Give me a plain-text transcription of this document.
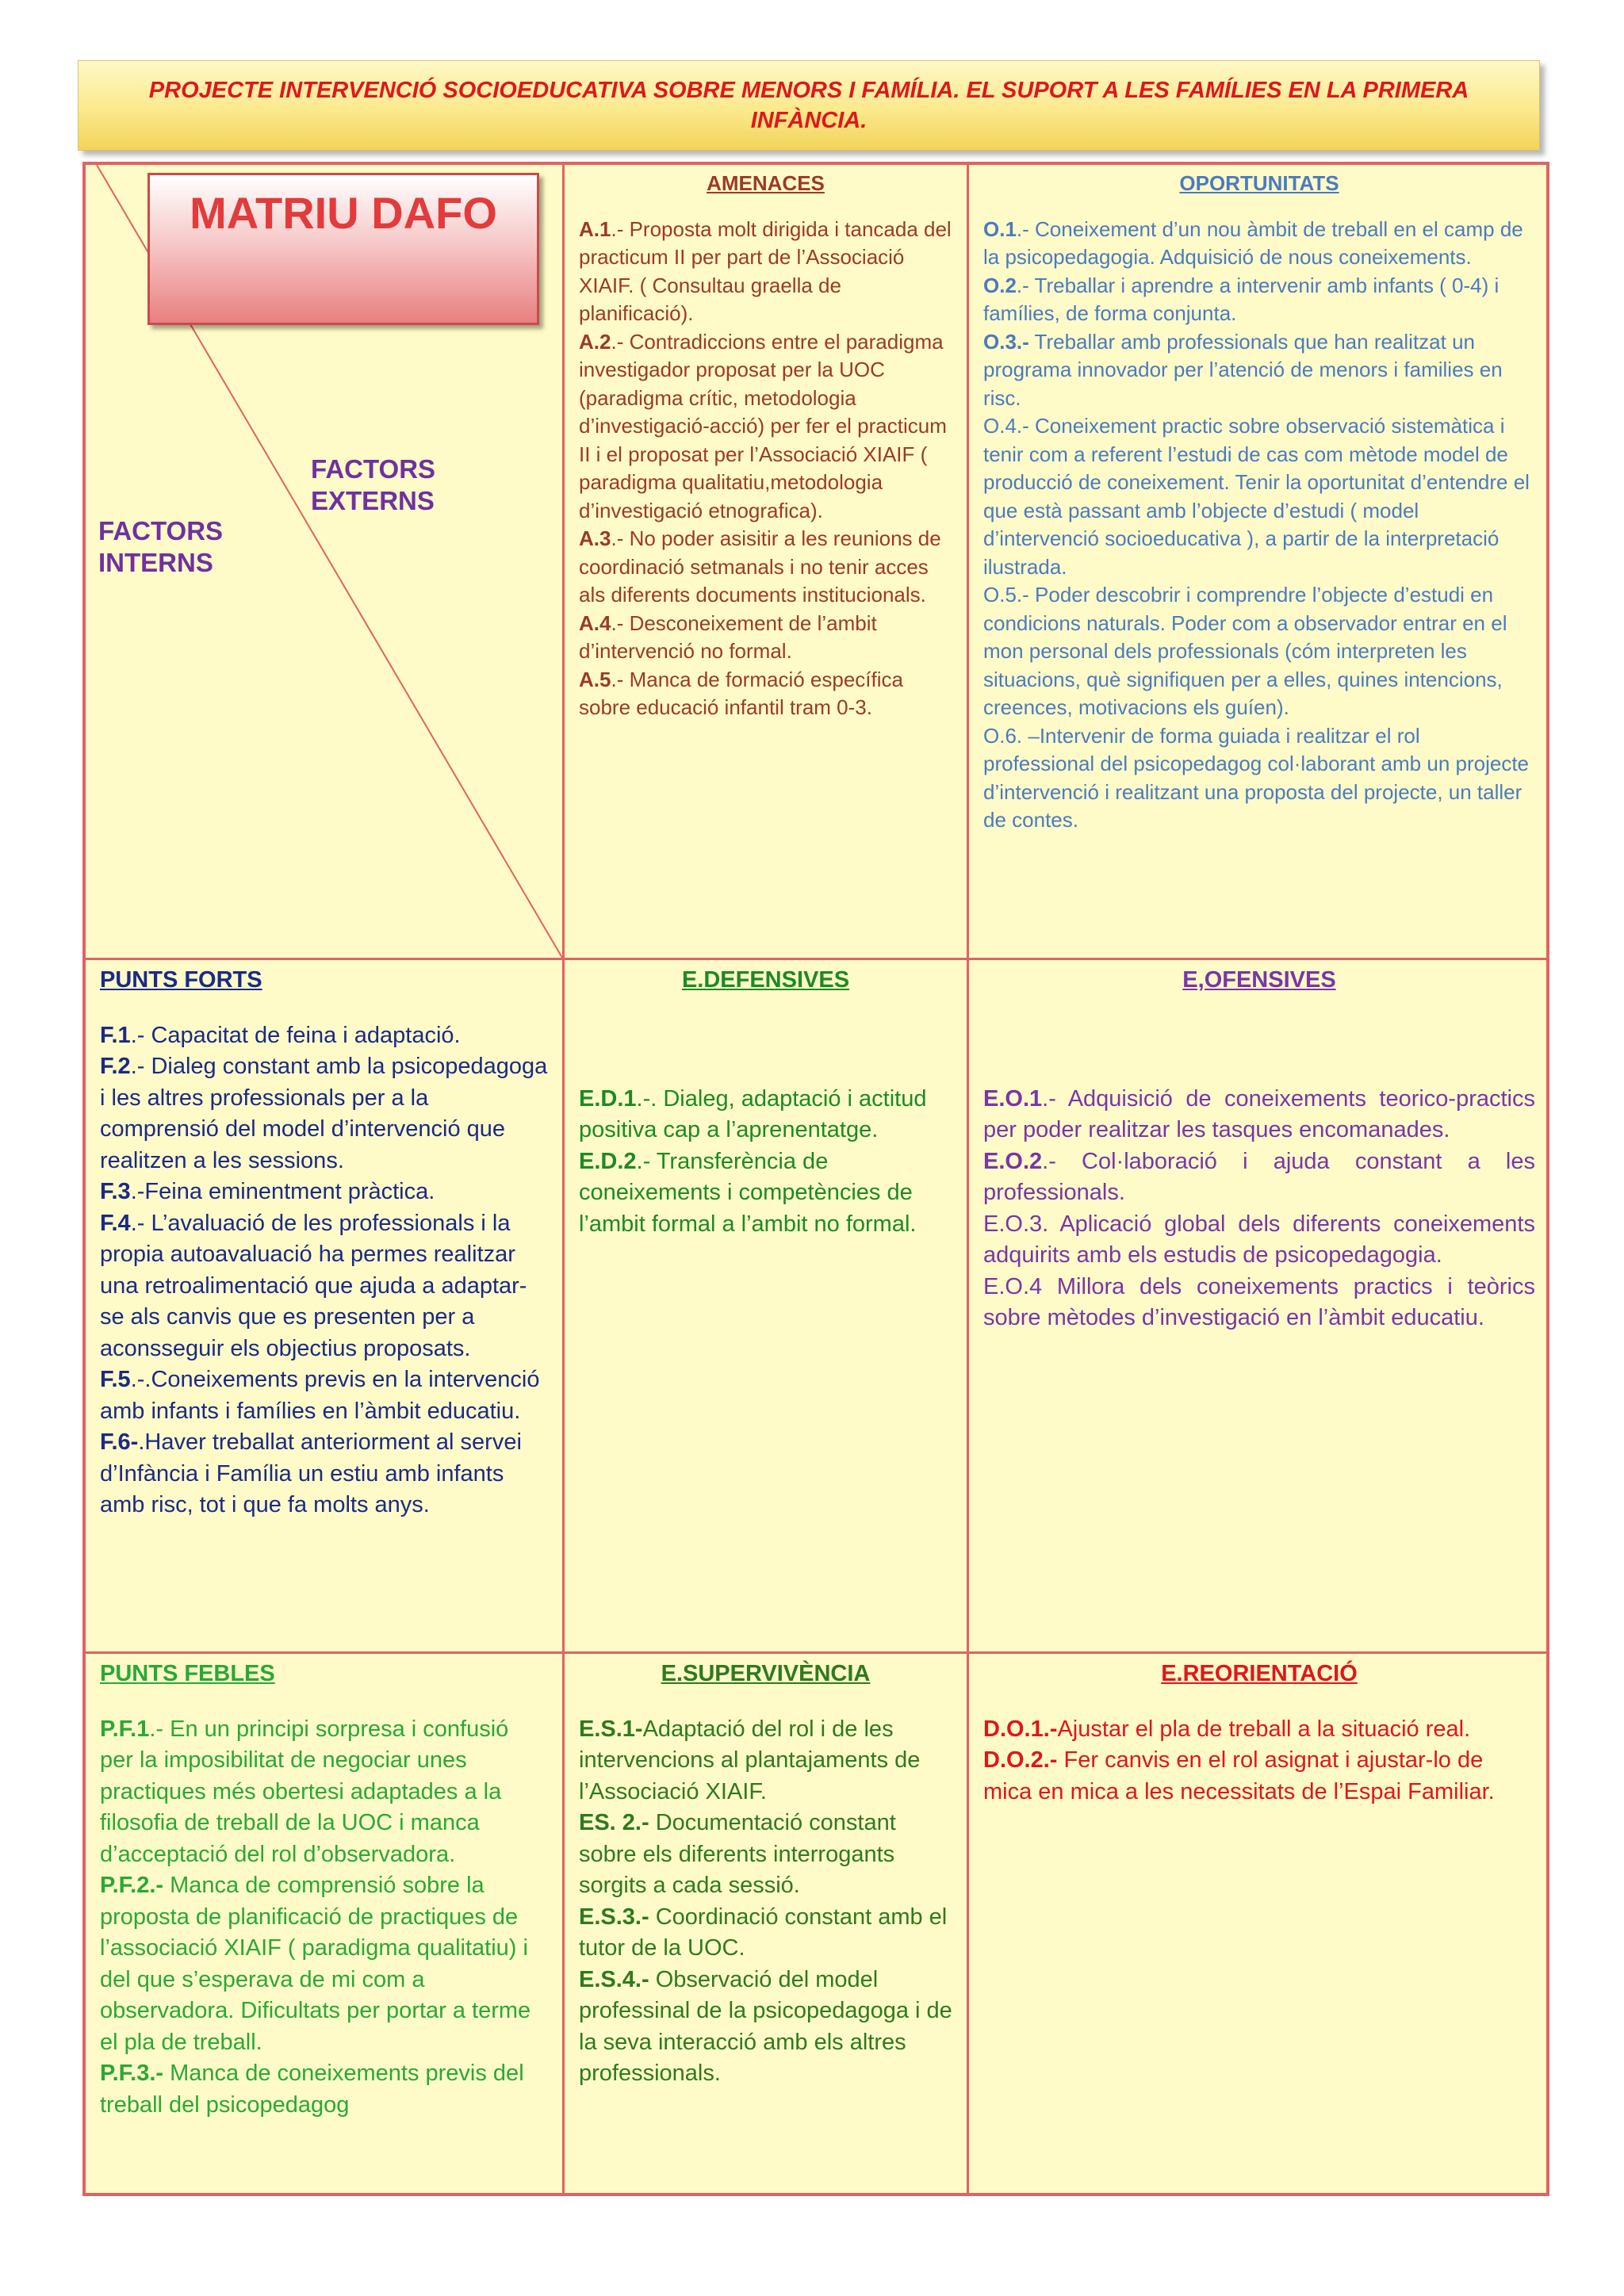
PROJECTE INTERVENCIÓ SOCIOEDUCATIVA SOBRE MENORS I FAMÍLIA. EL SUPORT A LES FAMÍLIES EN LA PRIMERA INFÀNCIA.
MATRIU DAFO
FACTORS EXTERNS
FACTORS INTERNS
AMENACES

A.1.- Proposta molt dirigida i tancada del practicum II per part de l’Associació XIAIF. ( Consultau graella de planificació).

A.2.- Contradiccions entre el paradigma investigador proposat per la UOC (paradigma crític, metodologia d’investigació-acció) per fer el practicum II i el proposat per l’Associació XIAIF ( paradigma qualitatiu,metodologia d’investigació etnografica).

A.3.- No poder asisitir a les reunions de coordinació setmanals i no tenir acces als diferents documents institucionals.

A.4.- Desconeixement de l’ambit d’intervenció no formal.

A.5.- Manca de formació específica sobre educació infantil tram 0-3.

OPORTUNITATS

O.1.- Coneixement d’un nou àmbit de treball en el camp de la psicopedagogia. Adquisició de nous coneixements.

O.2.- Treballar i aprendre a intervenir amb infants ( 0-4) i famílies, de forma conjunta.

O.3.- Treballar amb professionals que han realitzat un programa innovador per l’atenció de menors i families en risc.

O.4.- Coneixement practic sobre observació sistemàtica i tenir com a referent l’estudi de cas com mètode model de producció de coneixement. Tenir la oportunitat d’entendre el que està passant amb l’objecte d’estudi ( model d’intervenció socioeducativa ), a partir de la interpretació ilustrada.

O.5.- Poder descobrir i comprendre l’objecte d’estudi en condicions naturals. Poder com a observador entrar en el mon personal dels professionals (cóm interpreten les situacions, què signifiquen per a elles, quines intencions, creences, motivacions els guíen).

O.6. –Intervenir de forma guiada i realitzar el rol professional del psicopedagog col·laborant amb un projecte d’intervenció i realitzant una proposta del projecte, un taller de contes.

PUNTS FORTS

F.1.- Capacitat de feina i adaptació.

F.2.- Dialeg constant amb la psicopedagoga i les altres professionals per a la comprensió del model d’intervenció que realitzen a les sessions.

F.3.-Feina eminentment pràctica.

F.4.- L’avaluació de les professionals i la propia autoavaluació ha permes realitzar una retroalimentació que ajuda a adaptar-se als canvis que es presenten per a aconsseguir els objectius proposats.

F.5.-.Coneixements previs en la intervenció amb infants i famílies en l’àmbit educatiu.

F.6-.Haver treballat anteriorment al servei d’Infància i Família un estiu amb infants amb risc, tot i que fa molts anys.

E.DEFENSIVES

E.D.1.-. Dialeg, adaptació i actitud positiva cap a l’aprenentatge.

E.D.2.- Transferència de coneixements i competències de l’ambit formal a l’ambit no formal.

E,OFENSIVES

E.O.1.- Adquisició de coneixements teorico-practics per poder realitzar les tasques encomanades.

E.O.2.- Col·laboració i ajuda constant a les professionals.

E.O.3. Aplicació global dels diferents coneixements adquirits amb els estudis de psicopedagogia.

E.O.4 Millora dels coneixements practics i teòrics sobre mètodes d’investigació en l’àmbit educatiu.

PUNTS FEBLES

P.F.1.- En un principi sorpresa i confusió per la imposibilitat de negociar unes practiques més obertesi adaptades a la filosofia de treball de la UOC i manca d’acceptació del rol d’observadora.

P.F.2.- Manca de comprensió sobre la proposta de planificació de practiques de l’associació XIAIF ( paradigma qualitatiu) i del que s’esperava de mi com a observadora. Dificultats per portar a terme el pla de treball.

P.F.3.- Manca de coneixements previs del treball del psicopedagog

E.SUPERVIVÈNCIA

E.S.1-Adaptació del rol i de les intervencions al plantajaments de l’Associació XIAIF.

ES. 2.- Documentació constant sobre els diferents interrogants sorgits a cada sessió.

E.S.3.- Coordinació constant amb el tutor de la UOC.

E.S.4.- Observació del model professinal de la psicopedagoga i de la seva interacció amb els altres professionals.

E.REORIENTACIÓ

D.O.1.-Ajustar el pla de treball a la situació real.

D.O.2.- Fer canvis en el rol asignat i ajustar-lo de mica en mica a les necessitats de l’Espai Familiar.
